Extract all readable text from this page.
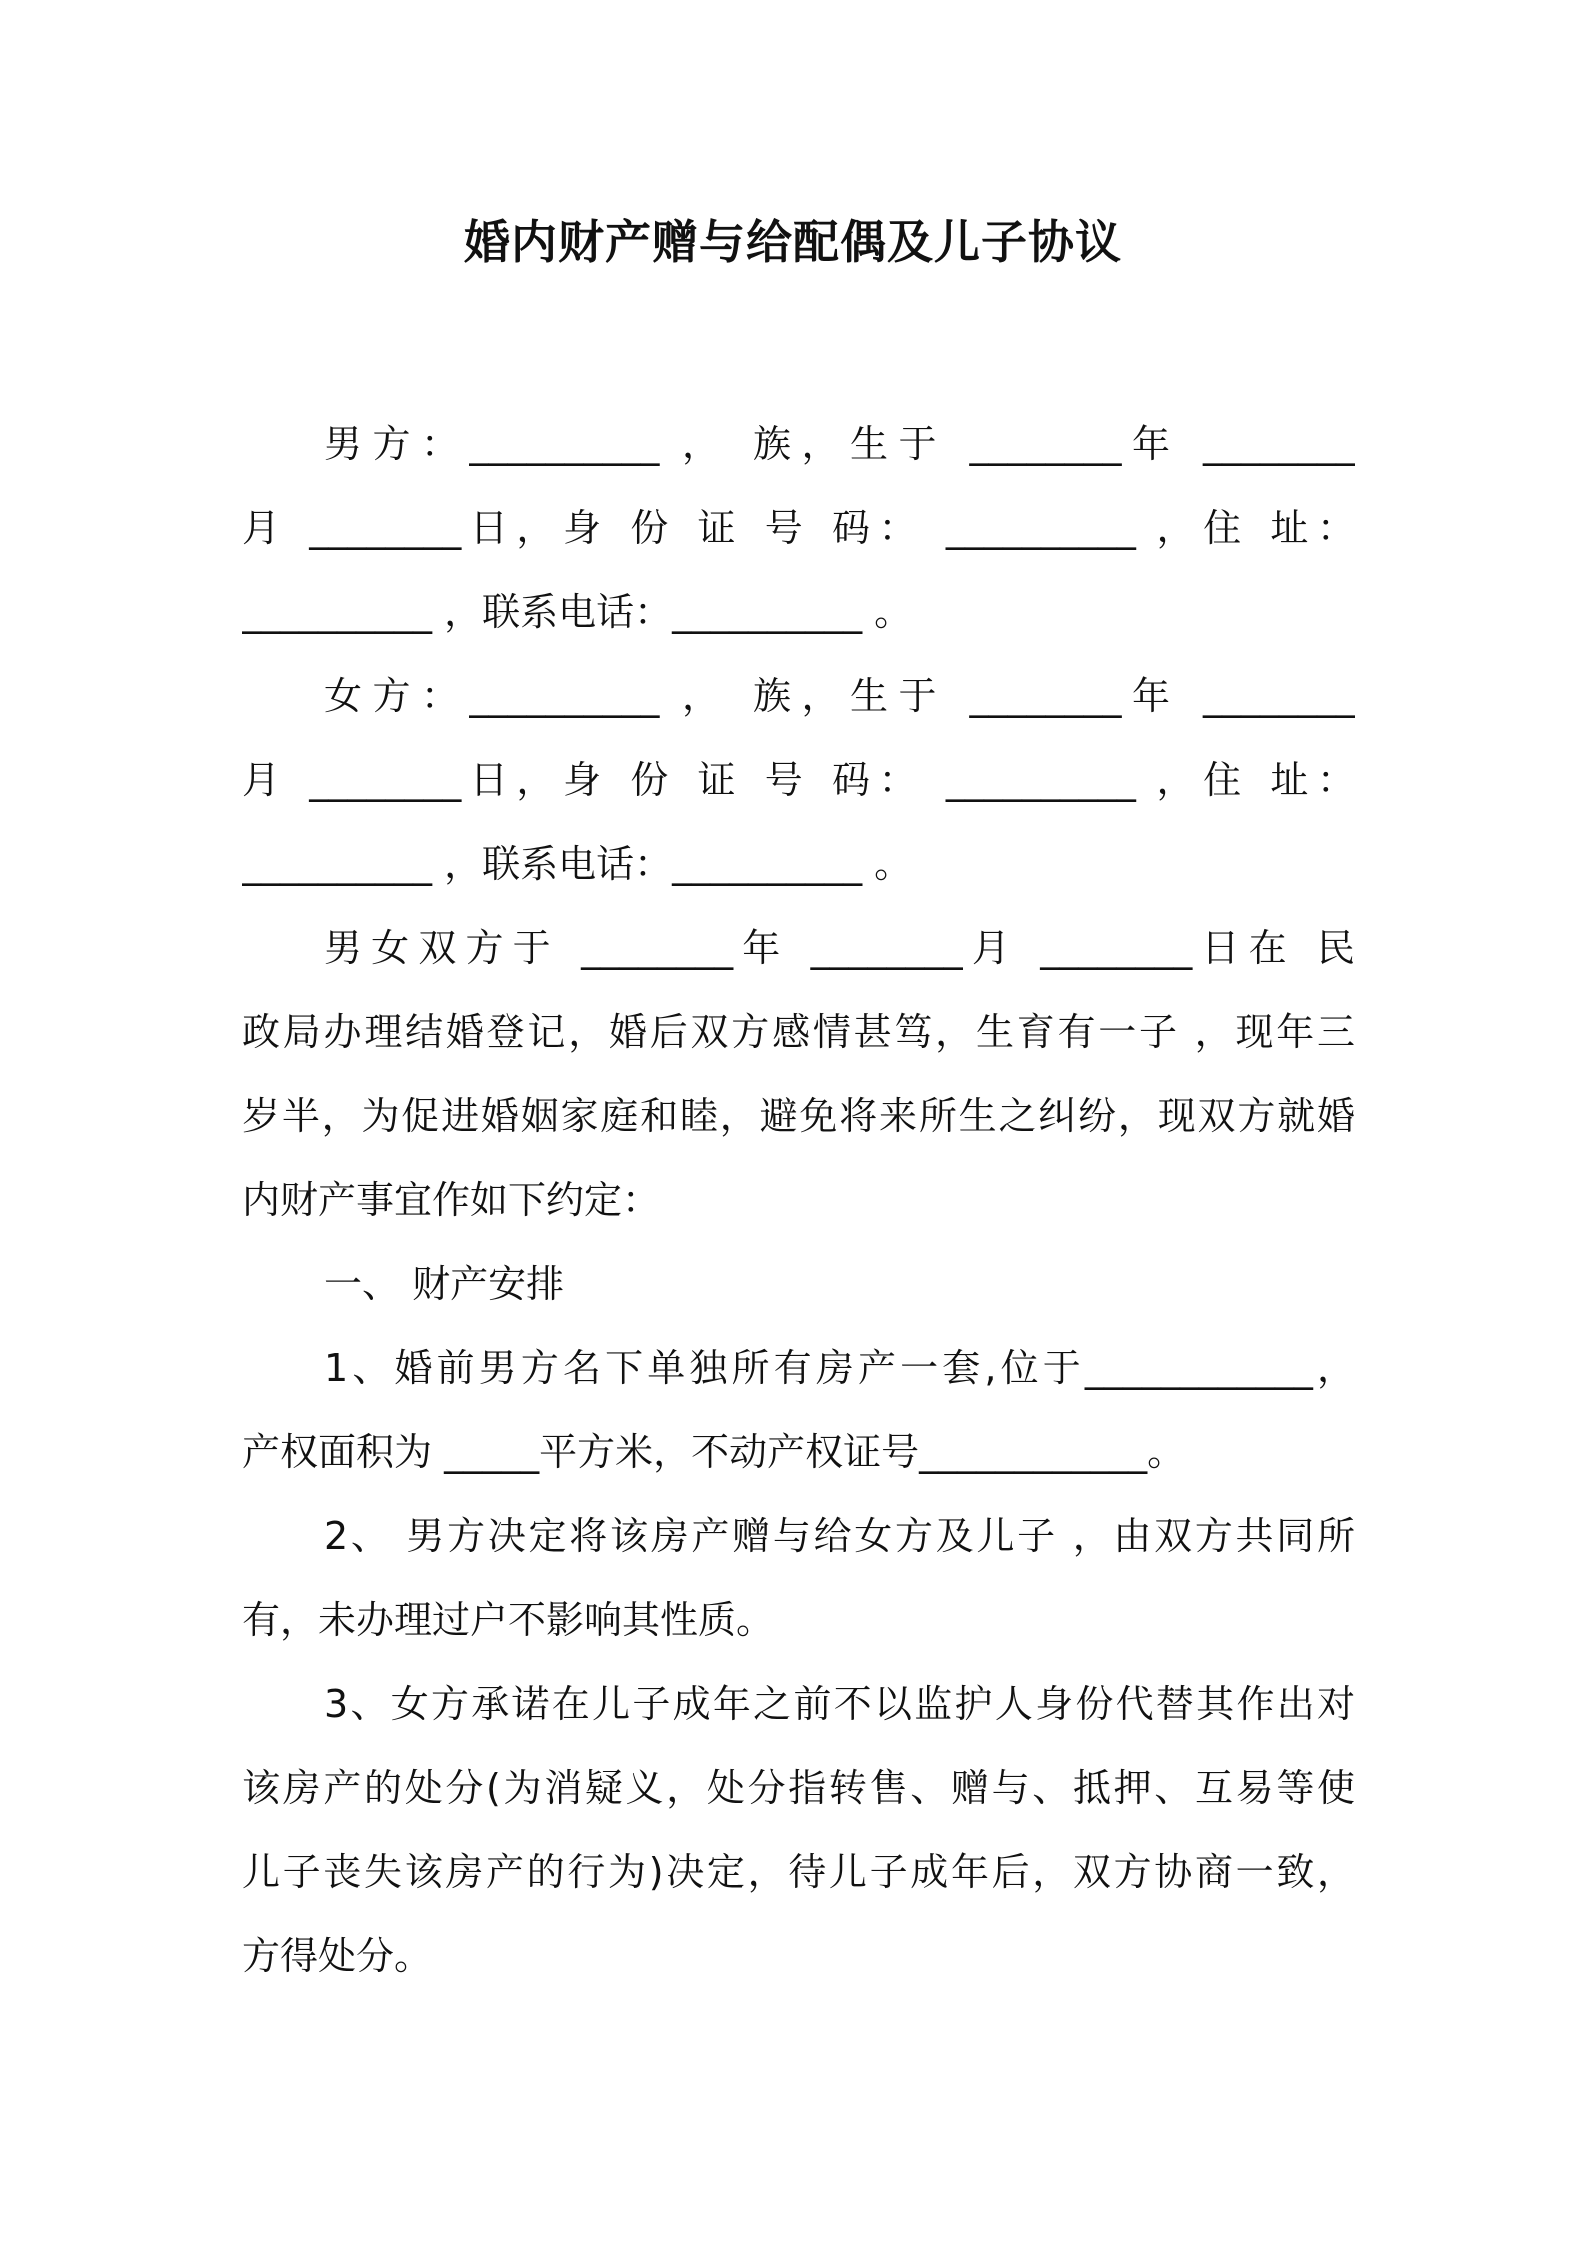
婚内财产赠与给配偶及儿子协议
男方：__________ ， 族，生于 ________年 ________
月 ________日，身 份 证 号 码： __________ ，住 址：
__________ ，联系电话：__________ 。
女方：__________ ， 族，生于 ________年 ________
月 ________日，身 份 证 号 码： __________ ，住 址：
__________ ，联系电话：__________ 。
男女双方于 ________年 ________月 ________日在 民
政局办理结婚登记，婚后双方感情甚笃，生育有一子 ，现年三
岁半，为促进婚姻家庭和睦，避免将来所生之纠纷，现双方就婚
内财产事宜作如下约定：
一、 财产安排
1、婚前男方名下单独所有房产一套,位于____________，
产权面积为 _____平方米，不动产权证号____________。
2、 男方决定将该房产赠与给女方及儿子 ，由双方共同所
有，未办理过户不影响其性质。
3、女方承诺在儿子成年之前不以监护人身份代替其作出对
该房产的处分(为消疑义，处分指转售、赠与、抵押、互易等使
儿子丧失该房产的行为)决定，待儿子成年后，双方协商一致，
方得处分。
